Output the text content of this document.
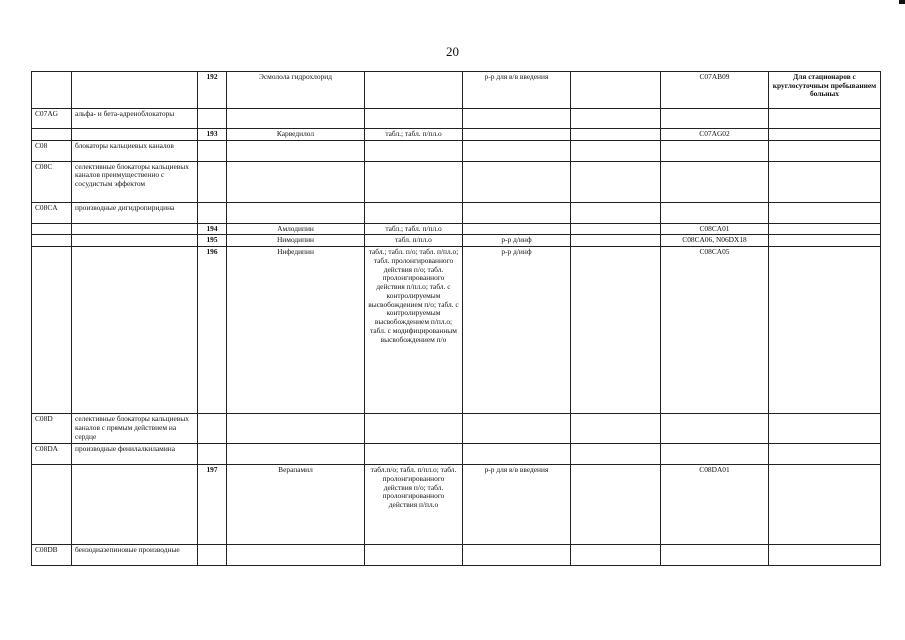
20
		192	Эсмолола гидрохлорид		р-р для в/в введения		C07AB09	Для стационаров с круглосуточным пребыванием больных
C07AG	альфа- и бета-адреноблокаторы							
		193	Карведилол	табл.; табл. п/пл.о			C07AG02	
C08	блокаторы кальциевых каналов							
C08C	селективные блокаторы кальциевых каналов преимущественно с сосудистым эффектом							
C08CA	производные дигидропиридина							
		194	Амлодипин	табл.; табл. п/пл.о			C08CA01	
		195	Нимодипин	табл. п/пл.о	р-р д/инф		C08CA06, N06DX18	
		196	Нифедипин	табл.; табл. п/о; табл. п/пл.о; табл. пролонгированного действия п/о; табл. пролонгированного действия п/пл.о; табл. с контролируемым высвобождением п/о; табл. с контролируемым высвобождением п/пл.о; табл. с модифицированным высвобождением п/о	р-р д/инф		C08CA05	
C08D	селективные блокаторы кальциевых каналов с прямым действием на сердце							
C08DA	производные фенилалкиламина							
		197	Верапамил	табл.п/о; табл. п/пл.о; табл. пролонгированного действия п/о; табл. пролонгированного действия п/пл.о	р-р для в/в введения		C08DA01	
C08DB	бензодиазепиновые производные							
